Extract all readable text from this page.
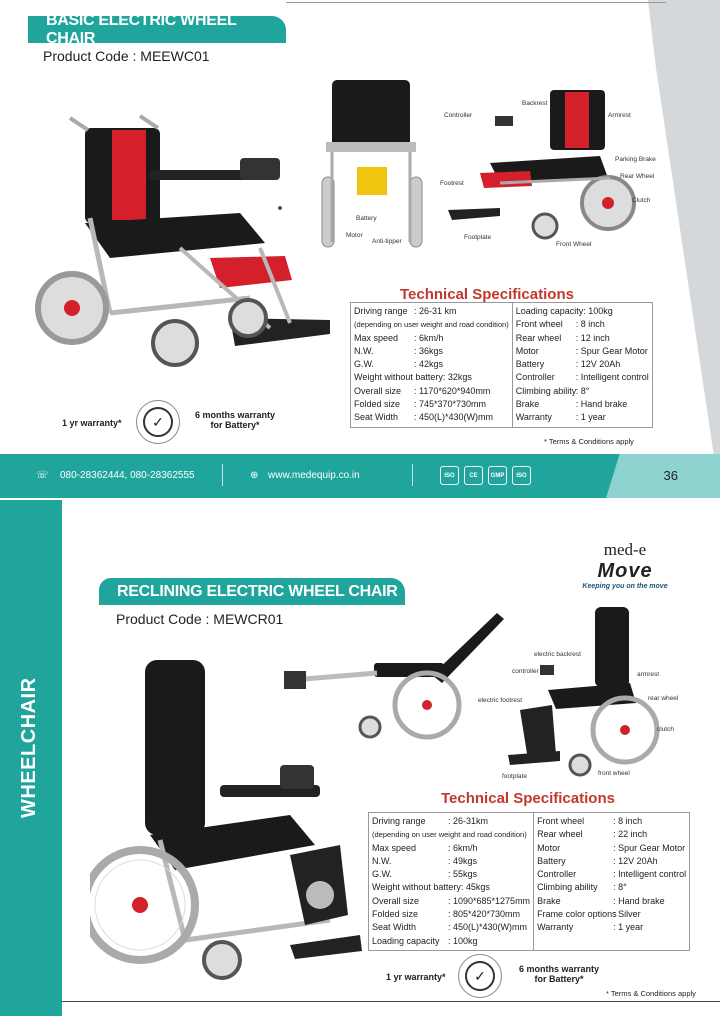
BASIC ELECTRIC WHEEL CHAIR
Product Code : MEEWC01
Backrest
Controller	Armrest
Parking Brake
Rear Wheel
Footrest
Clutch
Footplate
Front Wheel
Battery
Motor
Anti-tipper
Technical Specifications
Driving range : 26-31 km
(depending on user weight and road condition)
Max speed	: 6km/h
N.W.	: 36kgs
G.W.	: 42kgs
Weight without battery: 32kgs
Overall size	: 1170*620*940mm
Folded size	: 745*370*730mm
Seat Width	: 450(L)*430(W)mm

Loading capacity: 100kg
Front wheel	: 8 inch
Rear wheel	: 12 inch
Motor	: Spur Gear Motor
Battery	: 12V 20Ah
Controller	: Intelligent control
Climbing ability : 8°
Brake	: Hand brake
Warranty	: 1 year
1 yr warranty*	✓	6 months warranty
for Battery*
* Terms & Conditions apply
☏ 080-28362444, 080-28362555	⊕ www.medequip.co.in	ISO	CE	GMP	ISO	36
WHEELCHAIR
med-e
Move
Keeping you on the move
RECLINING ELECTRIC WHEEL CHAIR
Product Code : MEWCR01
electric backrest
controller	armrest
electric footrest	rear wheel
clutch
footplate	front wheel
Technical Specifications
Driving range	: 26-31km
(depending on user weight and road condition)
Max speed	: 6km/h
N.W.	: 49kgs
G.W.	: 55kgs
Weight without battery: 45kgs
Overall size	: 1090*685*1275mm
Folded size	: 805*420*730mm
Seat Width	: 450(L)*430(W)mm
Loading capacity : 100kg

Front wheel	: 8 inch
Rear wheel	: 22 inch
Motor	: Spur Gear Motor
Battery	: 12V 20Ah
Controller	: Intelligent control
Climbing ability	: 8°
Brake	: Hand brake
Frame color options
: Silver
Warranty	: 1 year
1 yr warranty*	✓	6 months warranty
for Battery*
* Terms & Conditions apply
